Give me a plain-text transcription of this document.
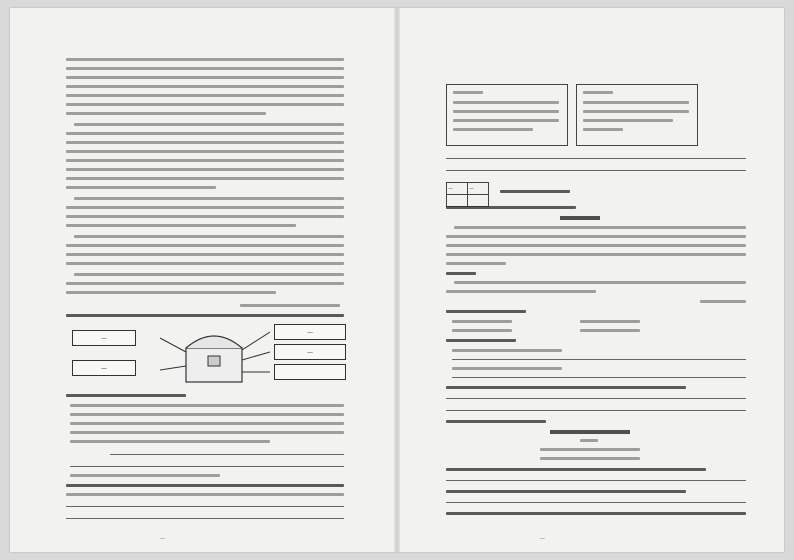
—
—
—
—
—
—	—

—
